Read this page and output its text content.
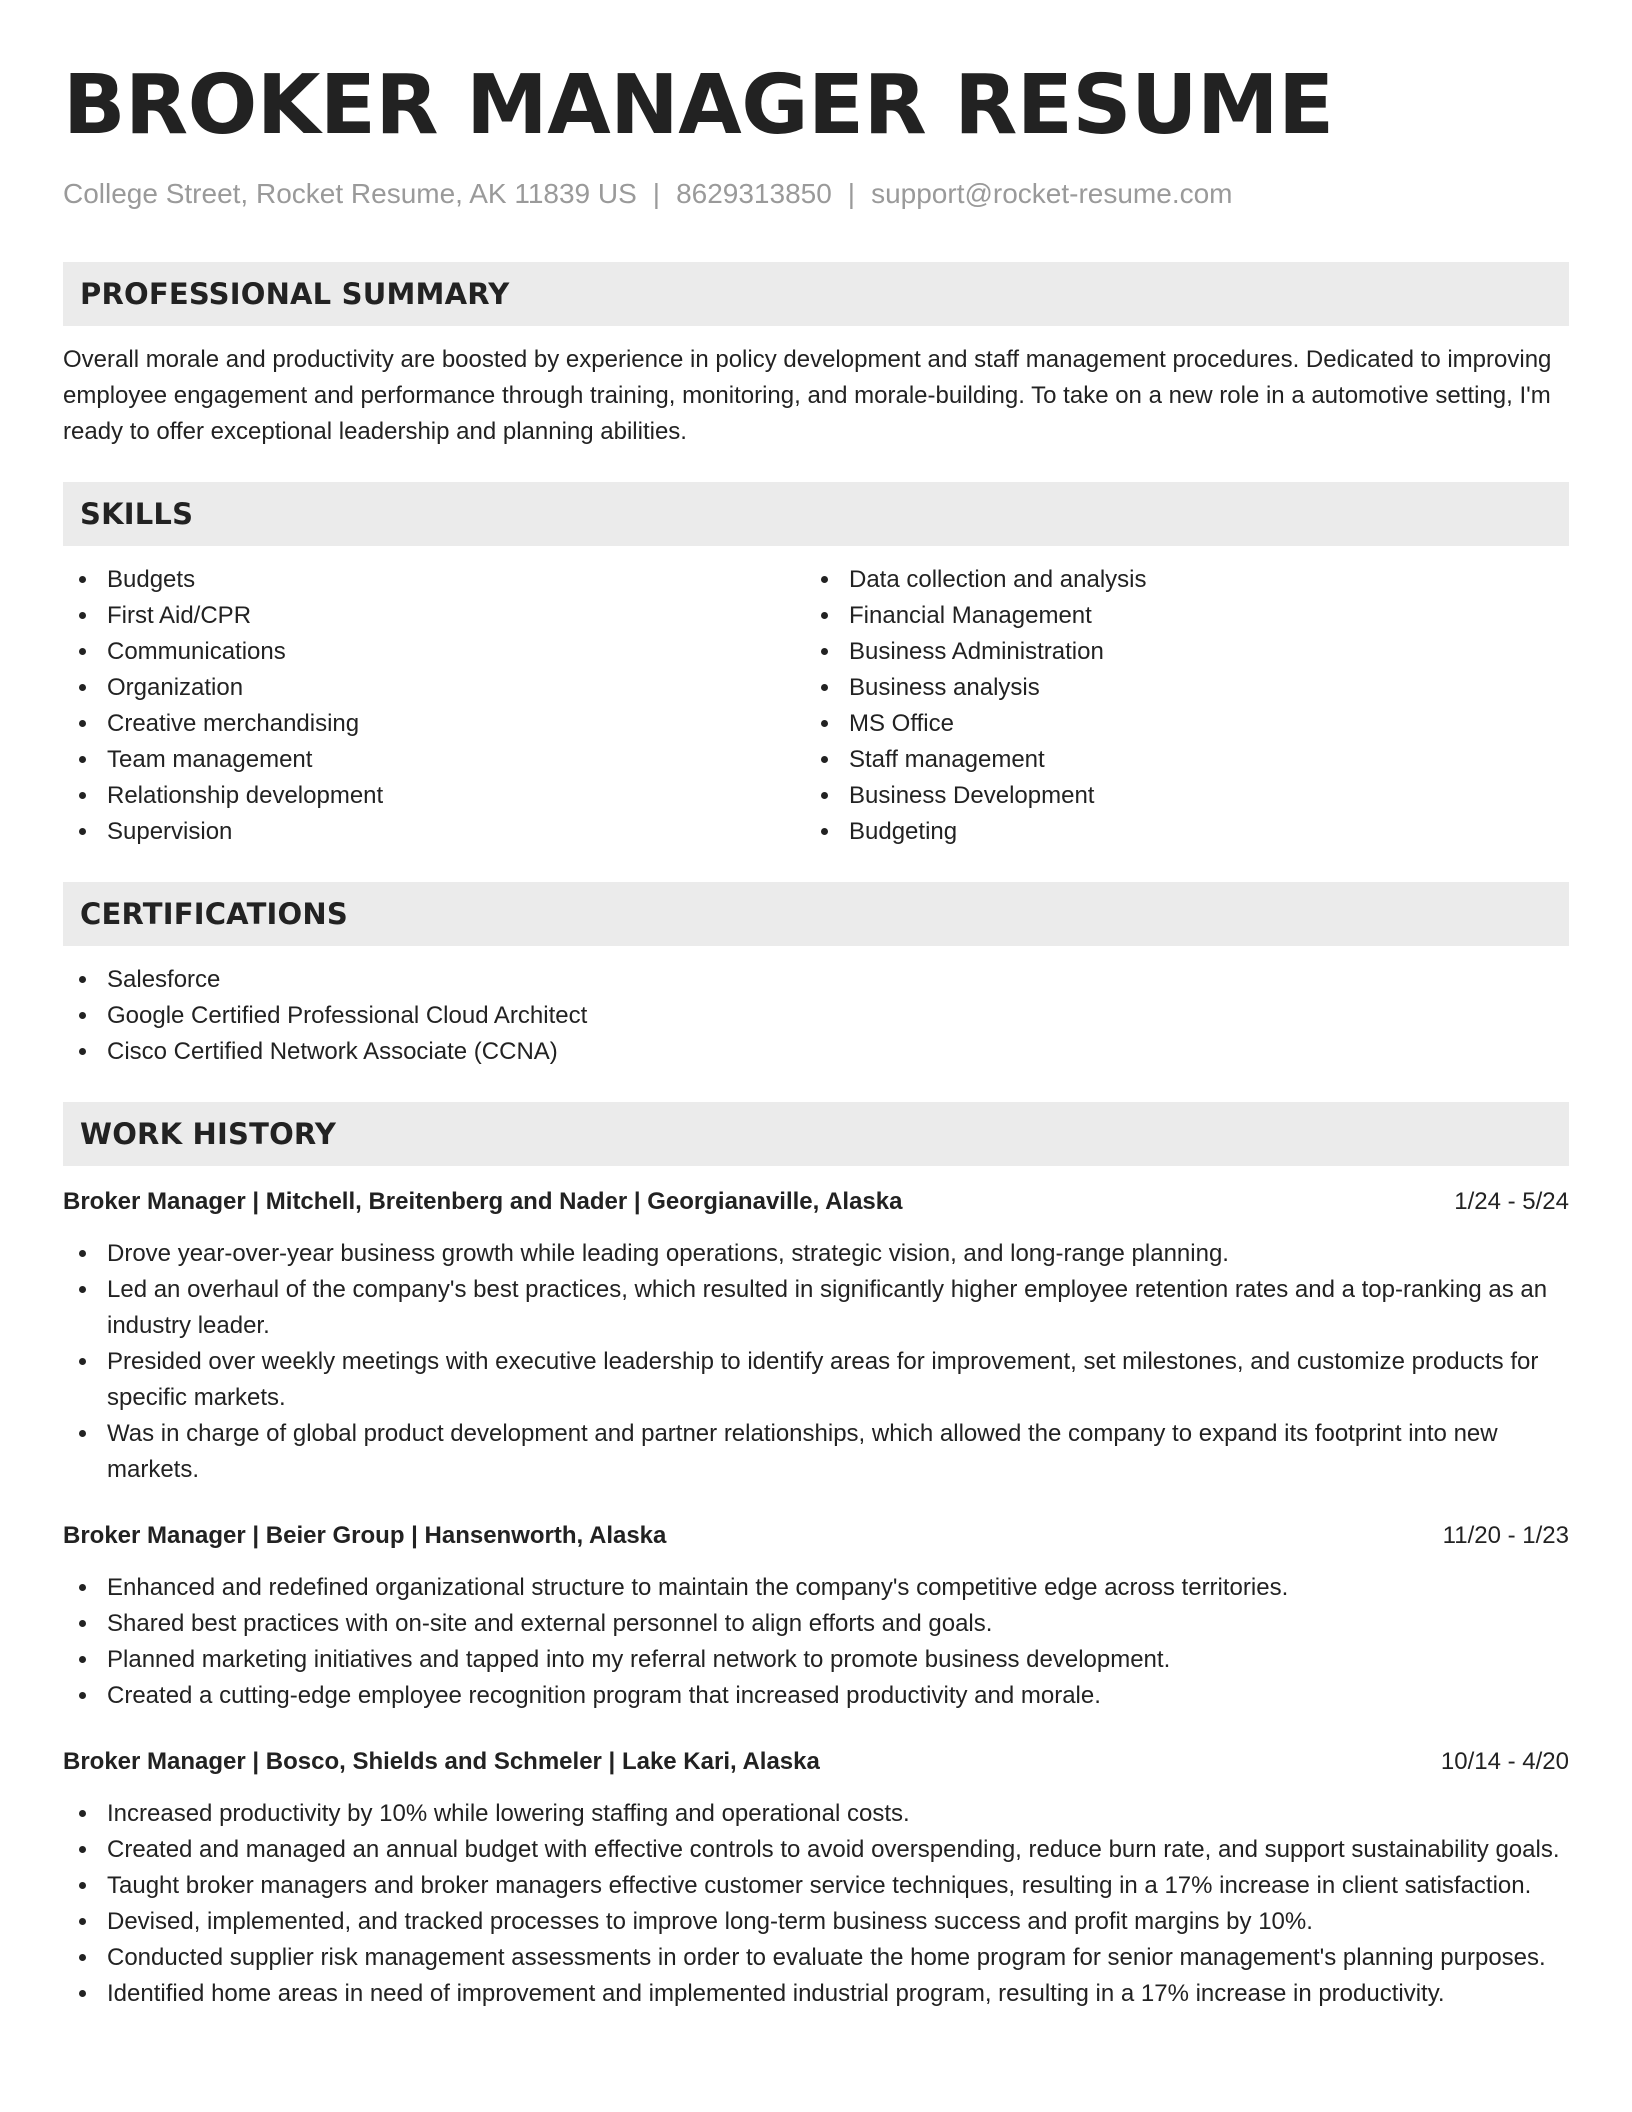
BROKER MANAGER RESUME
College Street, Rocket Resume, AK 11839 US | 8629313850 | support@rocket-resume.com
PROFESSIONAL SUMMARY

Overall morale and productivity are boosted by experience in policy development and staff management procedures. Dedicated to improving employee engagement and performance through training, monitoring, and morale-building. To take on a new role in a automotive setting, I'm ready to offer exceptional leadership and planning abilities.

SKILLS
Budgets
First Aid/CPR
Communications
Organization
Creative merchandising
Team management
Relationship development
Supervision
Data collection and analysis
Financial Management
Business Administration
Business analysis
MS Office
Staff management
Business Development
Budgeting
CERTIFICATIONS
Salesforce
Google Certified Professional Cloud Architect
Cisco Certified Network Associate (CCNA)
WORK HISTORY
Broker Manager | Mitchell, Breitenberg and Nader | Georgianaville, Alaska	1/24 - 5/24
Drove year-over-year business growth while leading operations, strategic vision, and long-range planning.
Led an overhaul of the company's best practices, which resulted in significantly higher employee retention rates and a top-ranking as an industry leader.
Presided over weekly meetings with executive leadership to identify areas for improvement, set milestones, and customize products for specific markets.
Was in charge of global product development and partner relationships, which allowed the company to expand its footprint into new markets.
Broker Manager | Beier Group | Hansenworth, Alaska	11/20 - 1/23
Enhanced and redefined organizational structure to maintain the company's competitive edge across territories.
Shared best practices with on-site and external personnel to align efforts and goals.
Planned marketing initiatives and tapped into my referral network to promote business development.
Created a cutting-edge employee recognition program that increased productivity and morale.
Broker Manager | Bosco, Shields and Schmeler | Lake Kari, Alaska	10/14 - 4/20
Increased productivity by 10% while lowering staffing and operational costs.
Created and managed an annual budget with effective controls to avoid overspending, reduce burn rate, and support sustainability goals.
Taught broker managers and broker managers effective customer service techniques, resulting in a 17% increase in client satisfaction.
Devised, implemented, and tracked processes to improve long-term business success and profit margins by 10%.
Conducted supplier risk management assessments in order to evaluate the home program for senior management's planning purposes.
Identified home areas in need of improvement and implemented industrial program, resulting in a 17% increase in productivity.
